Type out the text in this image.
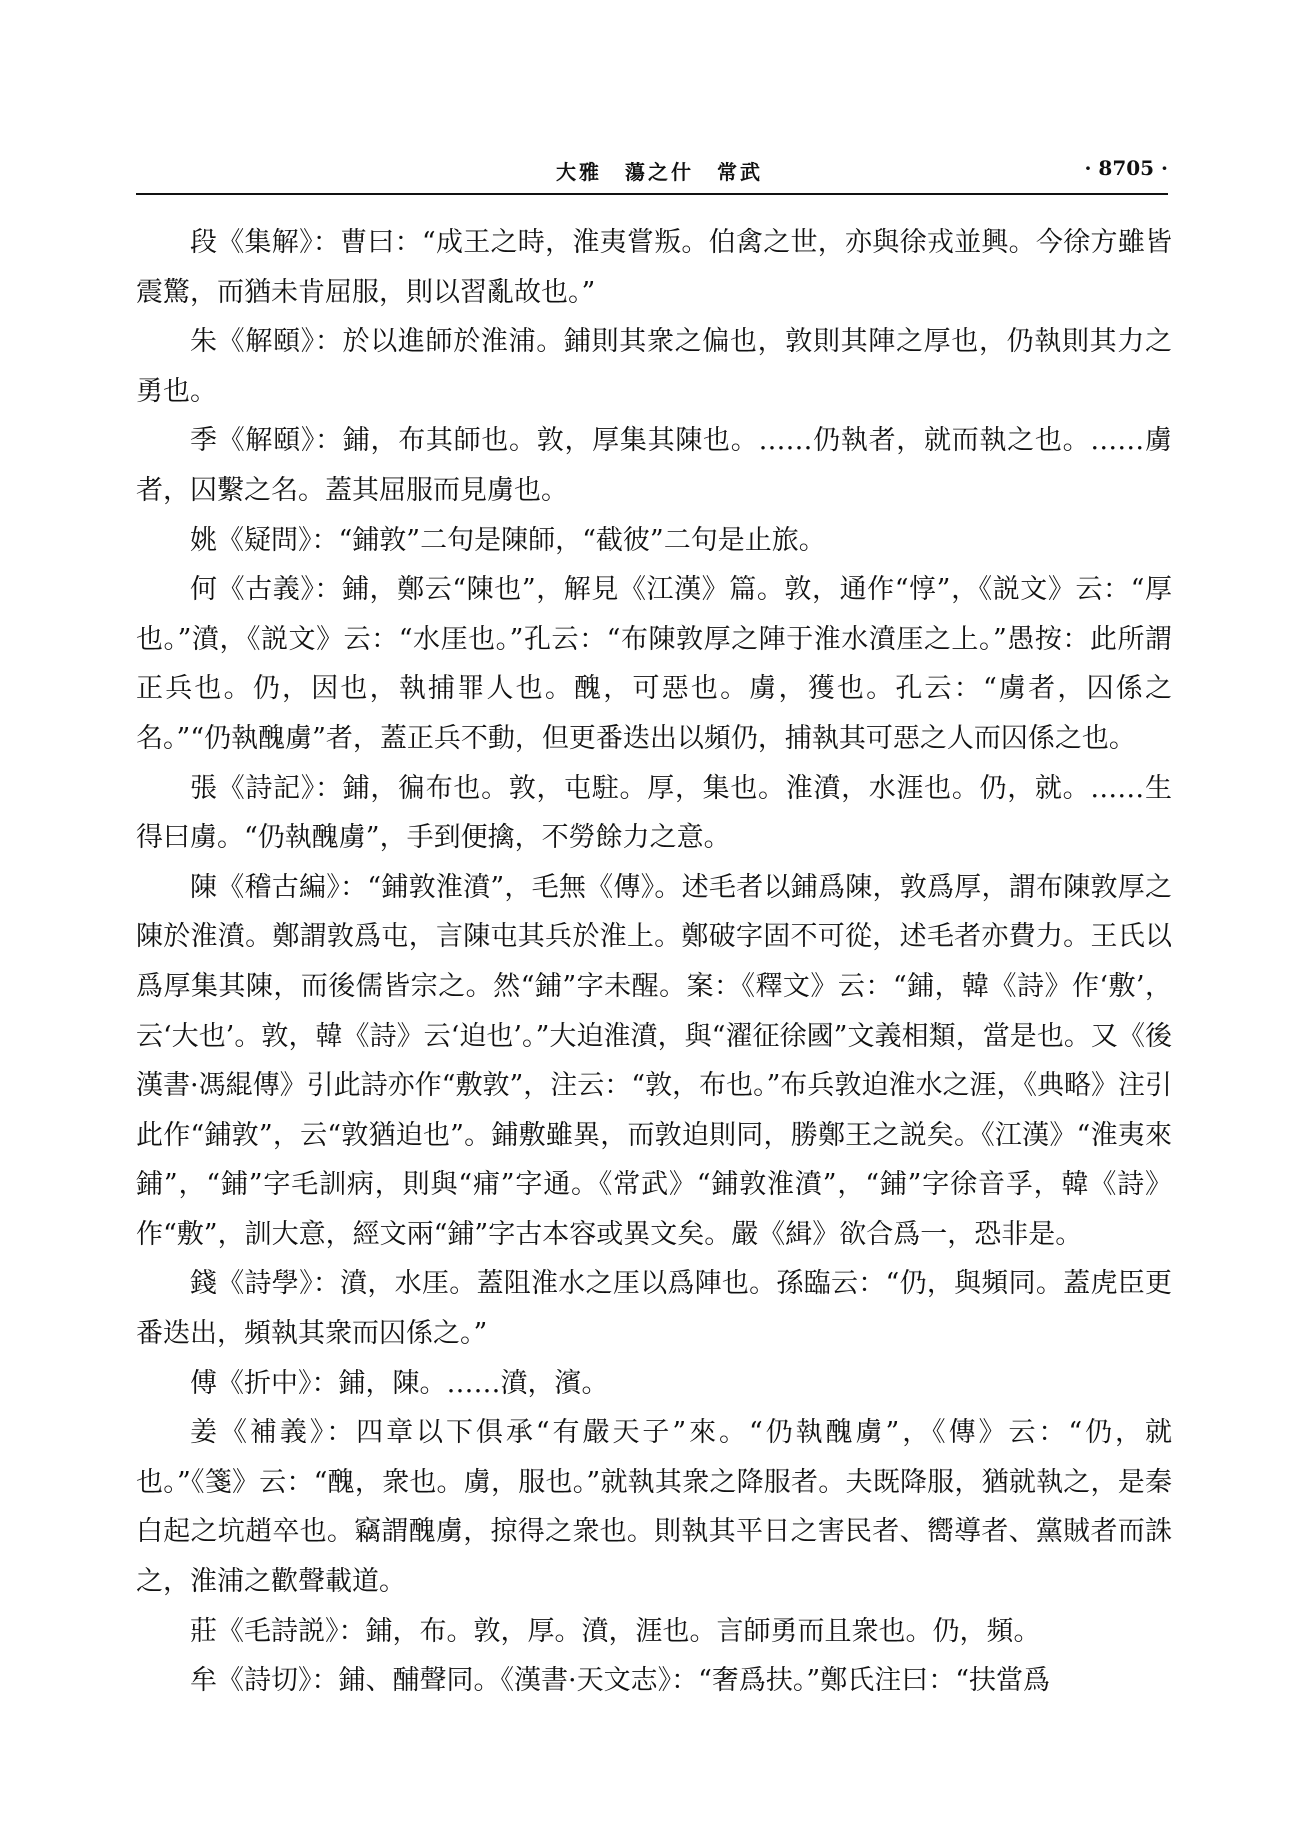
大雅　蕩之什　常武	· 8705 ·

段《集解》：曹曰：“成王之時，淮夷嘗叛。伯禽之世，亦與徐戎並興。今徐方雖皆震驚，而猶未肯屈服，則以習亂故也。”

朱《解頤》：於以進師於淮浦。鋪則其衆之偏也，敦則其陣之厚也，仍執則其力之勇也。

季《解頤》：鋪，布其師也。敦，厚集其陳也。……仍執者，就而執之也。……虜者，囚繫之名。蓋其屈服而見虜也。

姚《疑問》：“鋪敦”二句是陳師，“截彼”二句是止旅。

何《古義》：鋪，鄭云“陳也”，解見《江漢》篇。敦，通作“惇”，《説文》云：“厚也。”濆，《説文》云：“水厓也。”孔云：“布陳敦厚之陣于淮水濆厓之上。”愚按：此所謂正兵也。仍，因也，執捕罪人也。醜，可惡也。虜，獲也。孔云：“虜者，囚係之名。”“仍執醜虜”者，蓋正兵不動，但更番迭出以頻仍，捕執其可惡之人而囚係之也。

張《詩記》：鋪，徧布也。敦，屯駐。厚，集也。淮濆，水涯也。仍，就。……生得曰虜。“仍執醜虜”，手到便擒，不勞餘力之意。

陳《稽古編》：“鋪敦淮濆”，毛無《傳》。述毛者以鋪爲陳，敦爲厚，謂布陳敦厚之陳於淮濆。鄭謂敦爲屯，言陳屯其兵於淮上。鄭破字固不可從，述毛者亦費力。王氏以爲厚集其陳，而後儒皆宗之。然“鋪”字未醒。案：《釋文》云：“鋪，韓《詩》作‘敷’，云‘大也’。敦，韓《詩》云‘迫也’。”大迫淮濆，與“濯征徐國”文義相類，當是也。又《後漢書·馮緄傳》引此詩亦作“敷敦”，注云：“敦，布也。”布兵敦迫淮水之涯，《典略》注引此作“鋪敦”，云“敦猶迫也”。鋪敷雖異，而敦迫則同，勝鄭王之説矣。《江漢》“淮夷來鋪”，“鋪”字毛訓病，則與“痡”字通。《常武》“鋪敦淮濆”，“鋪”字徐音孚，韓《詩》作“敷”，訓大意，經文兩“鋪”字古本容或異文矣。嚴《緝》欲合爲一，恐非是。

錢《詩學》：濆，水厓。蓋阻淮水之厓以爲陣也。孫臨云：“仍，與頻同。蓋虎臣更番迭出，頻執其衆而囚係之。”

傅《折中》：鋪，陳。……濆，濱。

姜《補義》：四章以下俱承“有嚴天子”來。“仍執醜虜”，《傳》云：“仍，就也。”《箋》云：“醜，衆也。虜，服也。”就執其衆之降服者。夫既降服，猶就執之，是秦白起之坑趙卒也。竊謂醜虜，掠得之衆也。則執其平日之害民者、嚮導者、黨賊者而誅之，淮浦之歡聲載道。

莊《毛詩説》：鋪，布。敦，厚。濆，涯也。言師勇而且衆也。仍，頻。

牟《詩切》：鋪、酺聲同。《漢書·天文志》：“奢爲扶。”鄭氏注曰：“扶當爲
